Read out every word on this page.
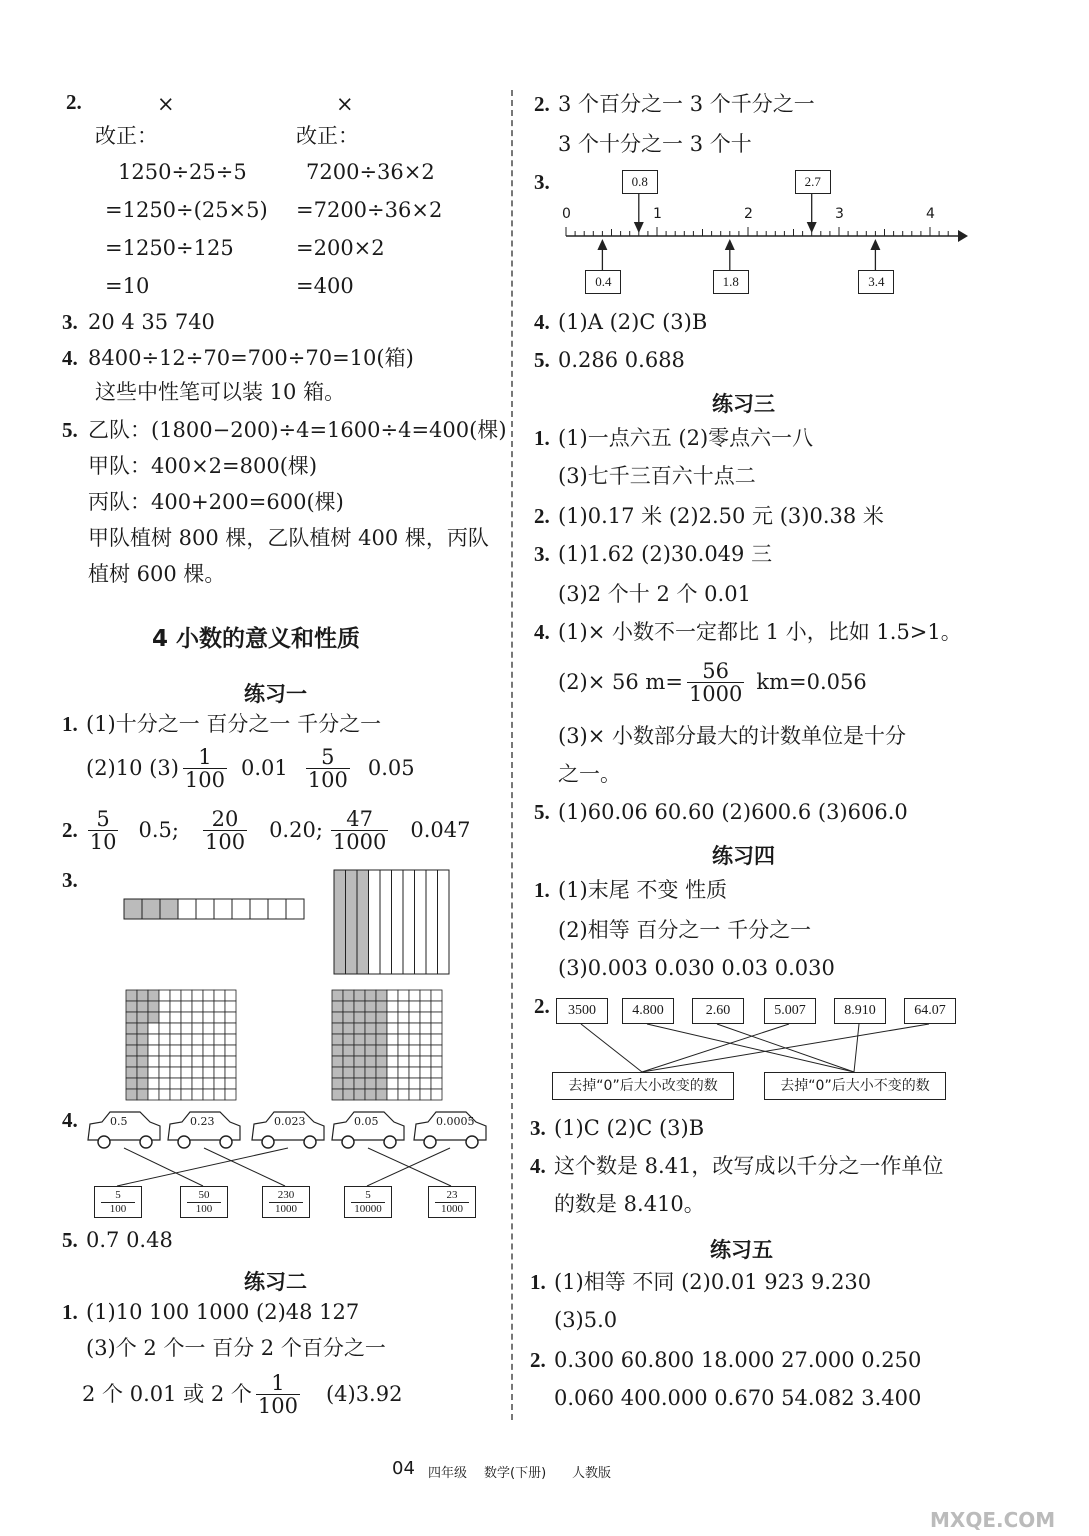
2.	×	×
改正：	改正：
1250÷25÷5
=1250÷(25×5)
=1250÷125
=10
7200÷36×2
=7200÷36×2
=200×2
=400
3. 20 4 35 740
4. 8400÷12÷70=700÷70=10(箱)
这些中性笔可以装 10 箱。
5. 乙队：(1800−200)÷4=1600÷4=400(棵)
甲队：400×2=800(棵)
丙队：400+200=600(棵)
甲队植树 800 棵，乙队植树 400 棵，丙队
植树 600 棵。
4 小数的意义和性质
练习一
1. (1)十分之一 百分之一 千分之一
(2)10 $(3) \frac{1}{100} 0.01 \frac{5}{100} 0.05$
2. $\frac{5}{10} 0.5$; $\frac{20}{100} 0.20$; $\frac{47}{1000} 0.047$
3.
4.
5. 0.7 0.48
练习二
1. (1)10 100 1000 (2)48 127
(3)个 2 个一 百分 2 个百分之一
2 个 0.01 或 2 个 $\frac{1}{100} (4)3.92$
0.5	0.23	0.023	0.05	0.0005
$\frac{5}{100}$	$\frac{50}{100}$	$\frac{230}{1000}$	$\frac{5}{10000}$	$\frac{23}{1000}$
2. 3 个百分之一 3 个千分之一
3 个十分之一 3 个十
3.
4. (1)A (2)C (3)B
5. 0.286 0.688
练习三
1. (1)一点六五 (2)零点六一八
(3)七千三百六十点二
2. (1)0.17 米 (2)2.50 元 (3)0.38 米
3. (1)1.62 (2)30.049 三
(3)2 个十 2 个 0.01
4. (1)× 小数不一定都比 1 小，比如 1.5>1。
(2)× 56 $m= \frac{56}{1000} km=0.056$
(3)× 小数部分最大的计数单位是十分
之一。
5. (1)60.06 60.60 (2)600.6 (3)606.0
练习四
1. (1)末尾 不变 性质
(2)相等 百分之一 千分之一
(3)0.003 0.030 0.03 0.030
2.
3. (1)C (2)C (3)B
4. 这个数是 8.41，改写成以千分之一作单位
的数是 8.410。
练习五
1. (1)相等 不同 (2)0.01 923 9.230
(3)5.0
2. 0.300 60.800 18.000 27.000 0.250
0.060 400.000 0.670 54.082 3.400
0	1	2	3	4
0.8	2.7
0.4	1.8	3.4
3500	4.800	2.60	5.007	8.910	64.07
去掉“0”后大小改变的数	去掉“0”后大小不变的数
04 四年级 数学(下册) 人教版
MXQE.COM
